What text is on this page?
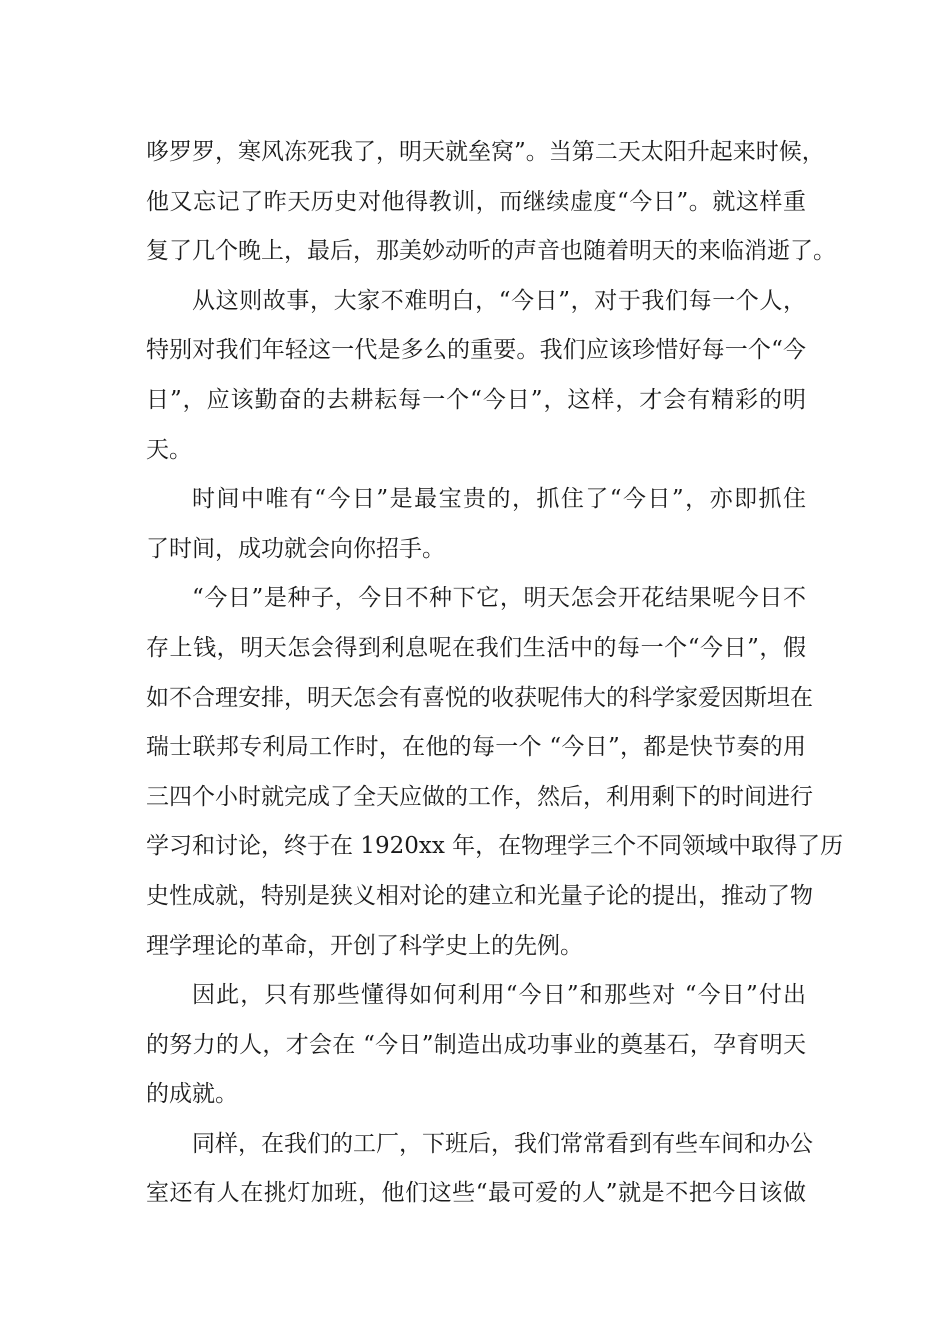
哆罗罗，寒风冻死我了，明天就垒窝”。当第二天太阳升起来时候，
他又忘记了昨天历史对他得教训，而继续虚度“今日”。就这样重
复了几个晚上，最后，那美妙动听的声音也随着明天的来临消逝了。
从这则故事，大家不难明白，“今日”，对于我们每一个人，
特别对我们年轻这一代是多么的重要。我们应该珍惜好每一个“今
日”，应该勤奋的去耕耘每一个“今日”，这样，才会有精彩的明
天。
时间中唯有“今日”是最宝贵的，抓住了“今日”，亦即抓住
了时间，成功就会向你招手。
“今日”是种子，今日不种下它，明天怎会开花结果呢今日不
存上钱，明天怎会得到利息呢在我们生活中的每一个“今日”，假
如不合理安排，明天怎会有喜悦的收获呢伟大的科学家爱因斯坦在
瑞士联邦专利局工作时，在他的每一个 “今日”，都是快节奏的用
三四个小时就完成了全天应做的工作，然后，利用剩下的时间进行
学习和讨论，终于在 1920xx 年，在物理学三个不同领域中取得了历
史性成就，特别是狭义相对论的建立和光量子论的提出，推动了物
理学理论的革命，开创了科学史上的先例。
因此，只有那些懂得如何利用“今日”和那些对 “今日”付出
的努力的人，才会在 “今日”制造出成功事业的奠基石，孕育明天
的成就。
同样，在我们的工厂，下班后，我们常常看到有些车间和办公
室还有人在挑灯加班，他们这些“最可爱的人”就是不把今日该做
